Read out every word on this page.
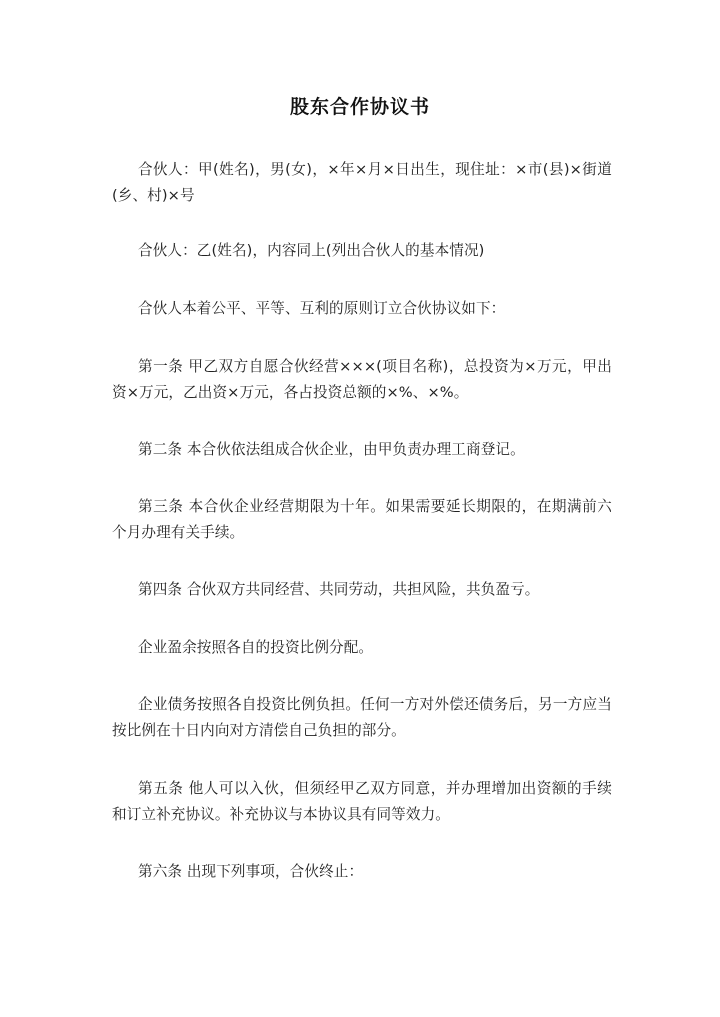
股东合作协议书

合伙人：甲(姓名)，男(女)，×年×月×日出生，现住址：×市(县)×街道(乡、村)×号

合伙人：乙(姓名)，内容同上(列出合伙人的基本情况)

合伙人本着公平、平等、互利的原则订立合伙协议如下：

第一条 甲乙双方自愿合伙经营×××(项目名称)，总投资为×万元，甲出资×万元，乙出资×万元，各占投资总额的×%、×%。

第二条 本合伙依法组成合伙企业，由甲负责办理工商登记。

第三条 本合伙企业经营期限为十年。如果需要延长期限的，在期满前六个月办理有关手续。

第四条 合伙双方共同经营、共同劳动，共担风险，共负盈亏。

企业盈余按照各自的投资比例分配。

企业债务按照各自投资比例负担。任何一方对外偿还债务后，另一方应当按比例在十日内向对方清偿自己负担的部分。

第五条 他人可以入伙，但须经甲乙双方同意，并办理增加出资额的手续和订立补充协议。补充协议与本协议具有同等效力。

第六条 出现下列事项，合伙终止：
